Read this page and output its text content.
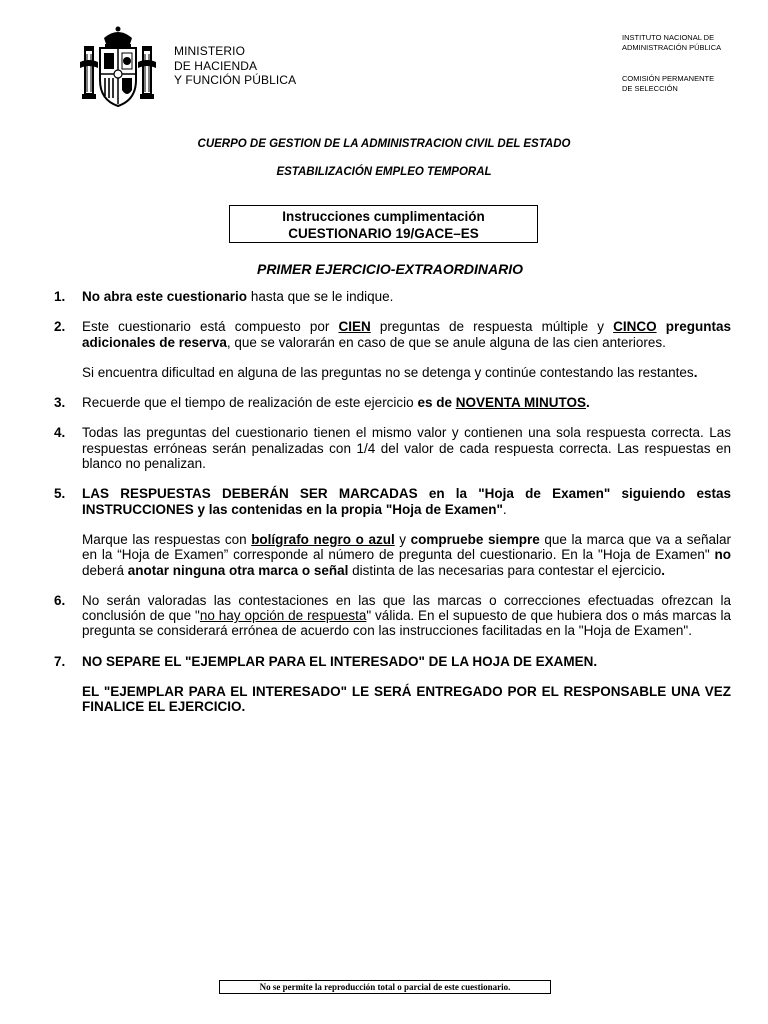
MINISTERIO
DE HACIENDA
Y FUNCIÓN PÚBLICA
INSTITUTO NACIONAL DE
ADMINISTRACIÓN PÚBLICA
COMISIÓN PERMANENTE
DE SELECCIÓN
CUERPO DE GESTION DE LA ADMINISTRACION CIVIL DEL ESTADO
ESTABILIZACIÓN EMPLEO TEMPORAL
Instrucciones cumplimentación
CUESTIONARIO 19/GACE–ES
PRIMER EJERCICIO-EXTRAORDINARIO
1. No abra este cuestionario hasta que se le indique.
2. Este cuestionario está compuesto por CIEN preguntas de respuesta múltiple y CINCO preguntas adicionales de reserva, que se valorarán en caso de que se anule alguna de las cien anteriores.
Si encuentra dificultad en alguna de las preguntas no se detenga y continúe contestando las restantes.
3. Recuerde que el tiempo de realización de este ejercicio es de NOVENTA MINUTOS.
4. Todas las preguntas del cuestionario tienen el mismo valor y contienen una sola respuesta correcta. Las respuestas erróneas serán penalizadas con 1/4 del valor de cada respuesta correcta. Las respuestas en blanco no penalizan.
5. LAS RESPUESTAS DEBERÁN SER MARCADAS en la "Hoja de Examen" siguiendo estas INSTRUCCIONES y las contenidas en la propia "Hoja de Examen".
Marque las respuestas con bolígrafo negro o azul y compruebe siempre que la marca que va a señalar en la “Hoja de Examen” corresponde al número de pregunta del cuestionario. En la "Hoja de Examen" no deberá anotar ninguna otra marca o señal distinta de las necesarias para contestar el ejercicio.
6. No serán valoradas las contestaciones en las que las marcas o correcciones efectuadas ofrezcan la conclusión de que "no hay opción de respuesta" válida. En el supuesto de que hubiera dos o más marcas la pregunta se considerará errónea de acuerdo con las instrucciones facilitadas en la "Hoja de Examen".
7. NO SEPARE EL "EJEMPLAR PARA EL INTERESADO" DE LA HOJA DE EXAMEN.
EL "EJEMPLAR PARA EL INTERESADO" LE SERÁ ENTREGADO POR EL RESPONSABLE UNA VEZ FINALICE EL EJERCICIO.
No se permite la reproducción total o parcial de este cuestionario.
